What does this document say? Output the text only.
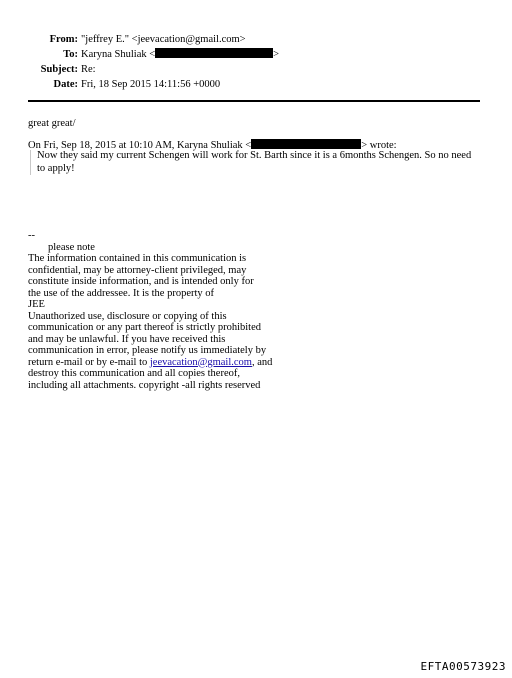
From: "jeffrey E." <jeevacation@gmail.com>
To: Karyna Shuliak <	>
Subject: Re:
Date: Fri, 18 Sep 2015 14:11:56 +0000
great great/
On Fri, Sep 18, 2015 at 10:10 AM, Karyna Shuliak <	> wrote:
Now they said my current Schengen will work for St. Barth since it is a 6months Schengen. So no need to apply!
--
please note
The information contained in this communication is
confidential, may be attorney-client privileged, may
constitute inside information, and is intended only for
the use of the addressee. It is the property of
JEE
Unauthorized use, disclosure or copying of this
communication or any part thereof is strictly prohibited
and may be unlawful. If you have received this
communication in error, please notify us immediately by
return e-mail or by e-mail to jeevacation@gmail.com, and
destroy this communication and all copies thereof,
including all attachments. copyright -all rights reserved
EFTA00573923
